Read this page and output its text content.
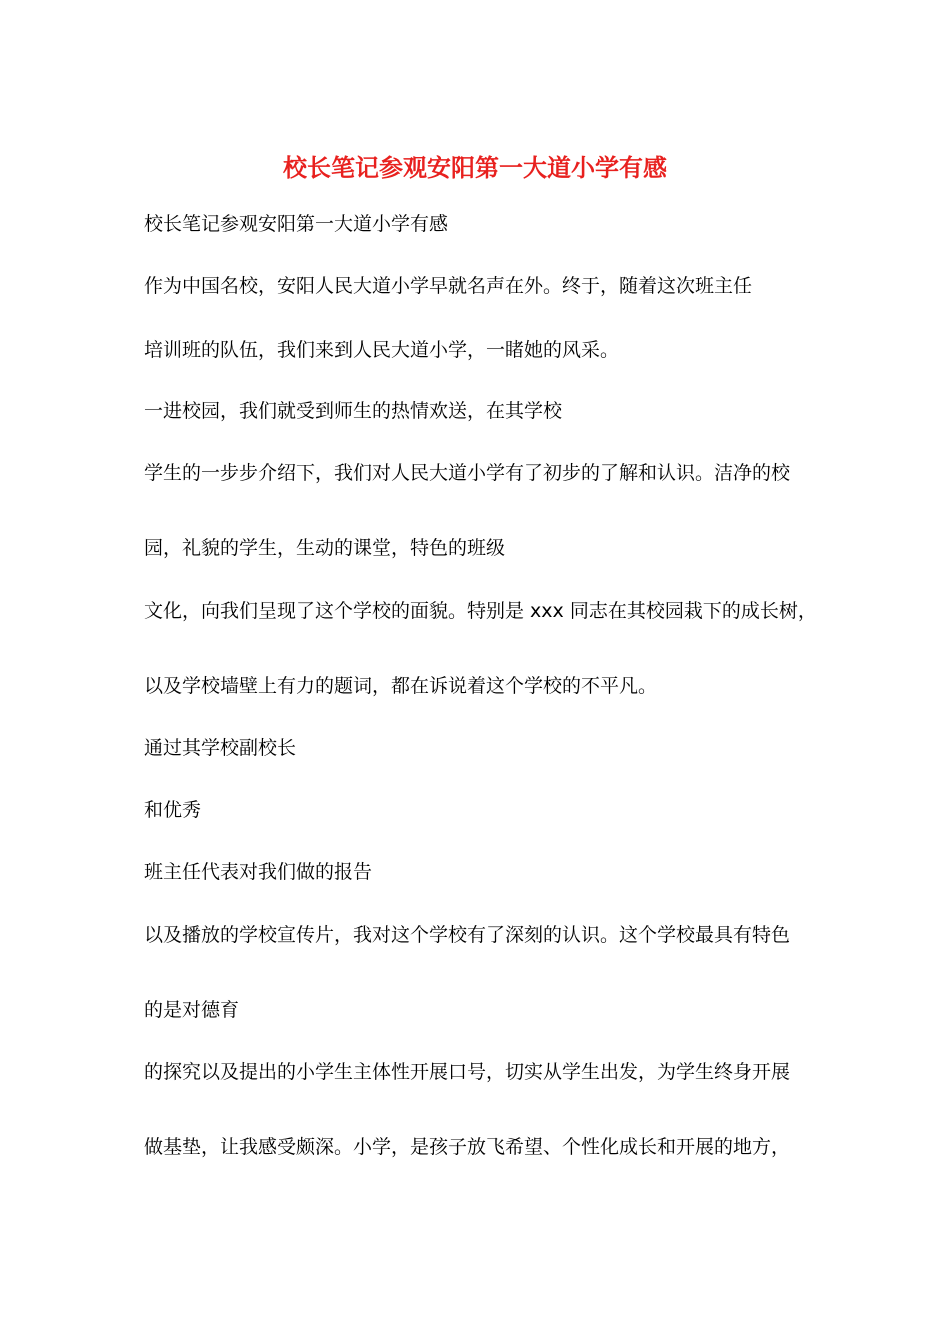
校长笔记参观安阳第一大道小学有感
校长笔记参观安阳第一大道小学有感
作为中国名校，安阳人民大道小学早就名声在外。终于，随着这次班主任
培训班的队伍，我们来到人民大道小学，一睹她的风采。
一进校园，我们就受到师生的热情欢送，在其学校
学生的一步步介绍下，我们对人民大道小学有了初步的了解和认识。洁净的校
园，礼貌的学生，生动的课堂，特色的班级
文化，向我们呈现了这个学校的面貌。特别是 xxx 同志在其校园栽下的成长树，
以及学校墙壁上有力的题词，都在诉说着这个学校的不平凡。
通过其学校副校长
和优秀
班主任代表对我们做的报告
以及播放的学校宣传片，我对这个学校有了深刻的认识。这个学校最具有特色
的是对德育
的探究以及提出的小学生主体性开展口号，切实从学生出发，为学生终身开展
做基垫，让我感受颇深。小学，是孩子放飞希望、个性化成长和开展的地方，
